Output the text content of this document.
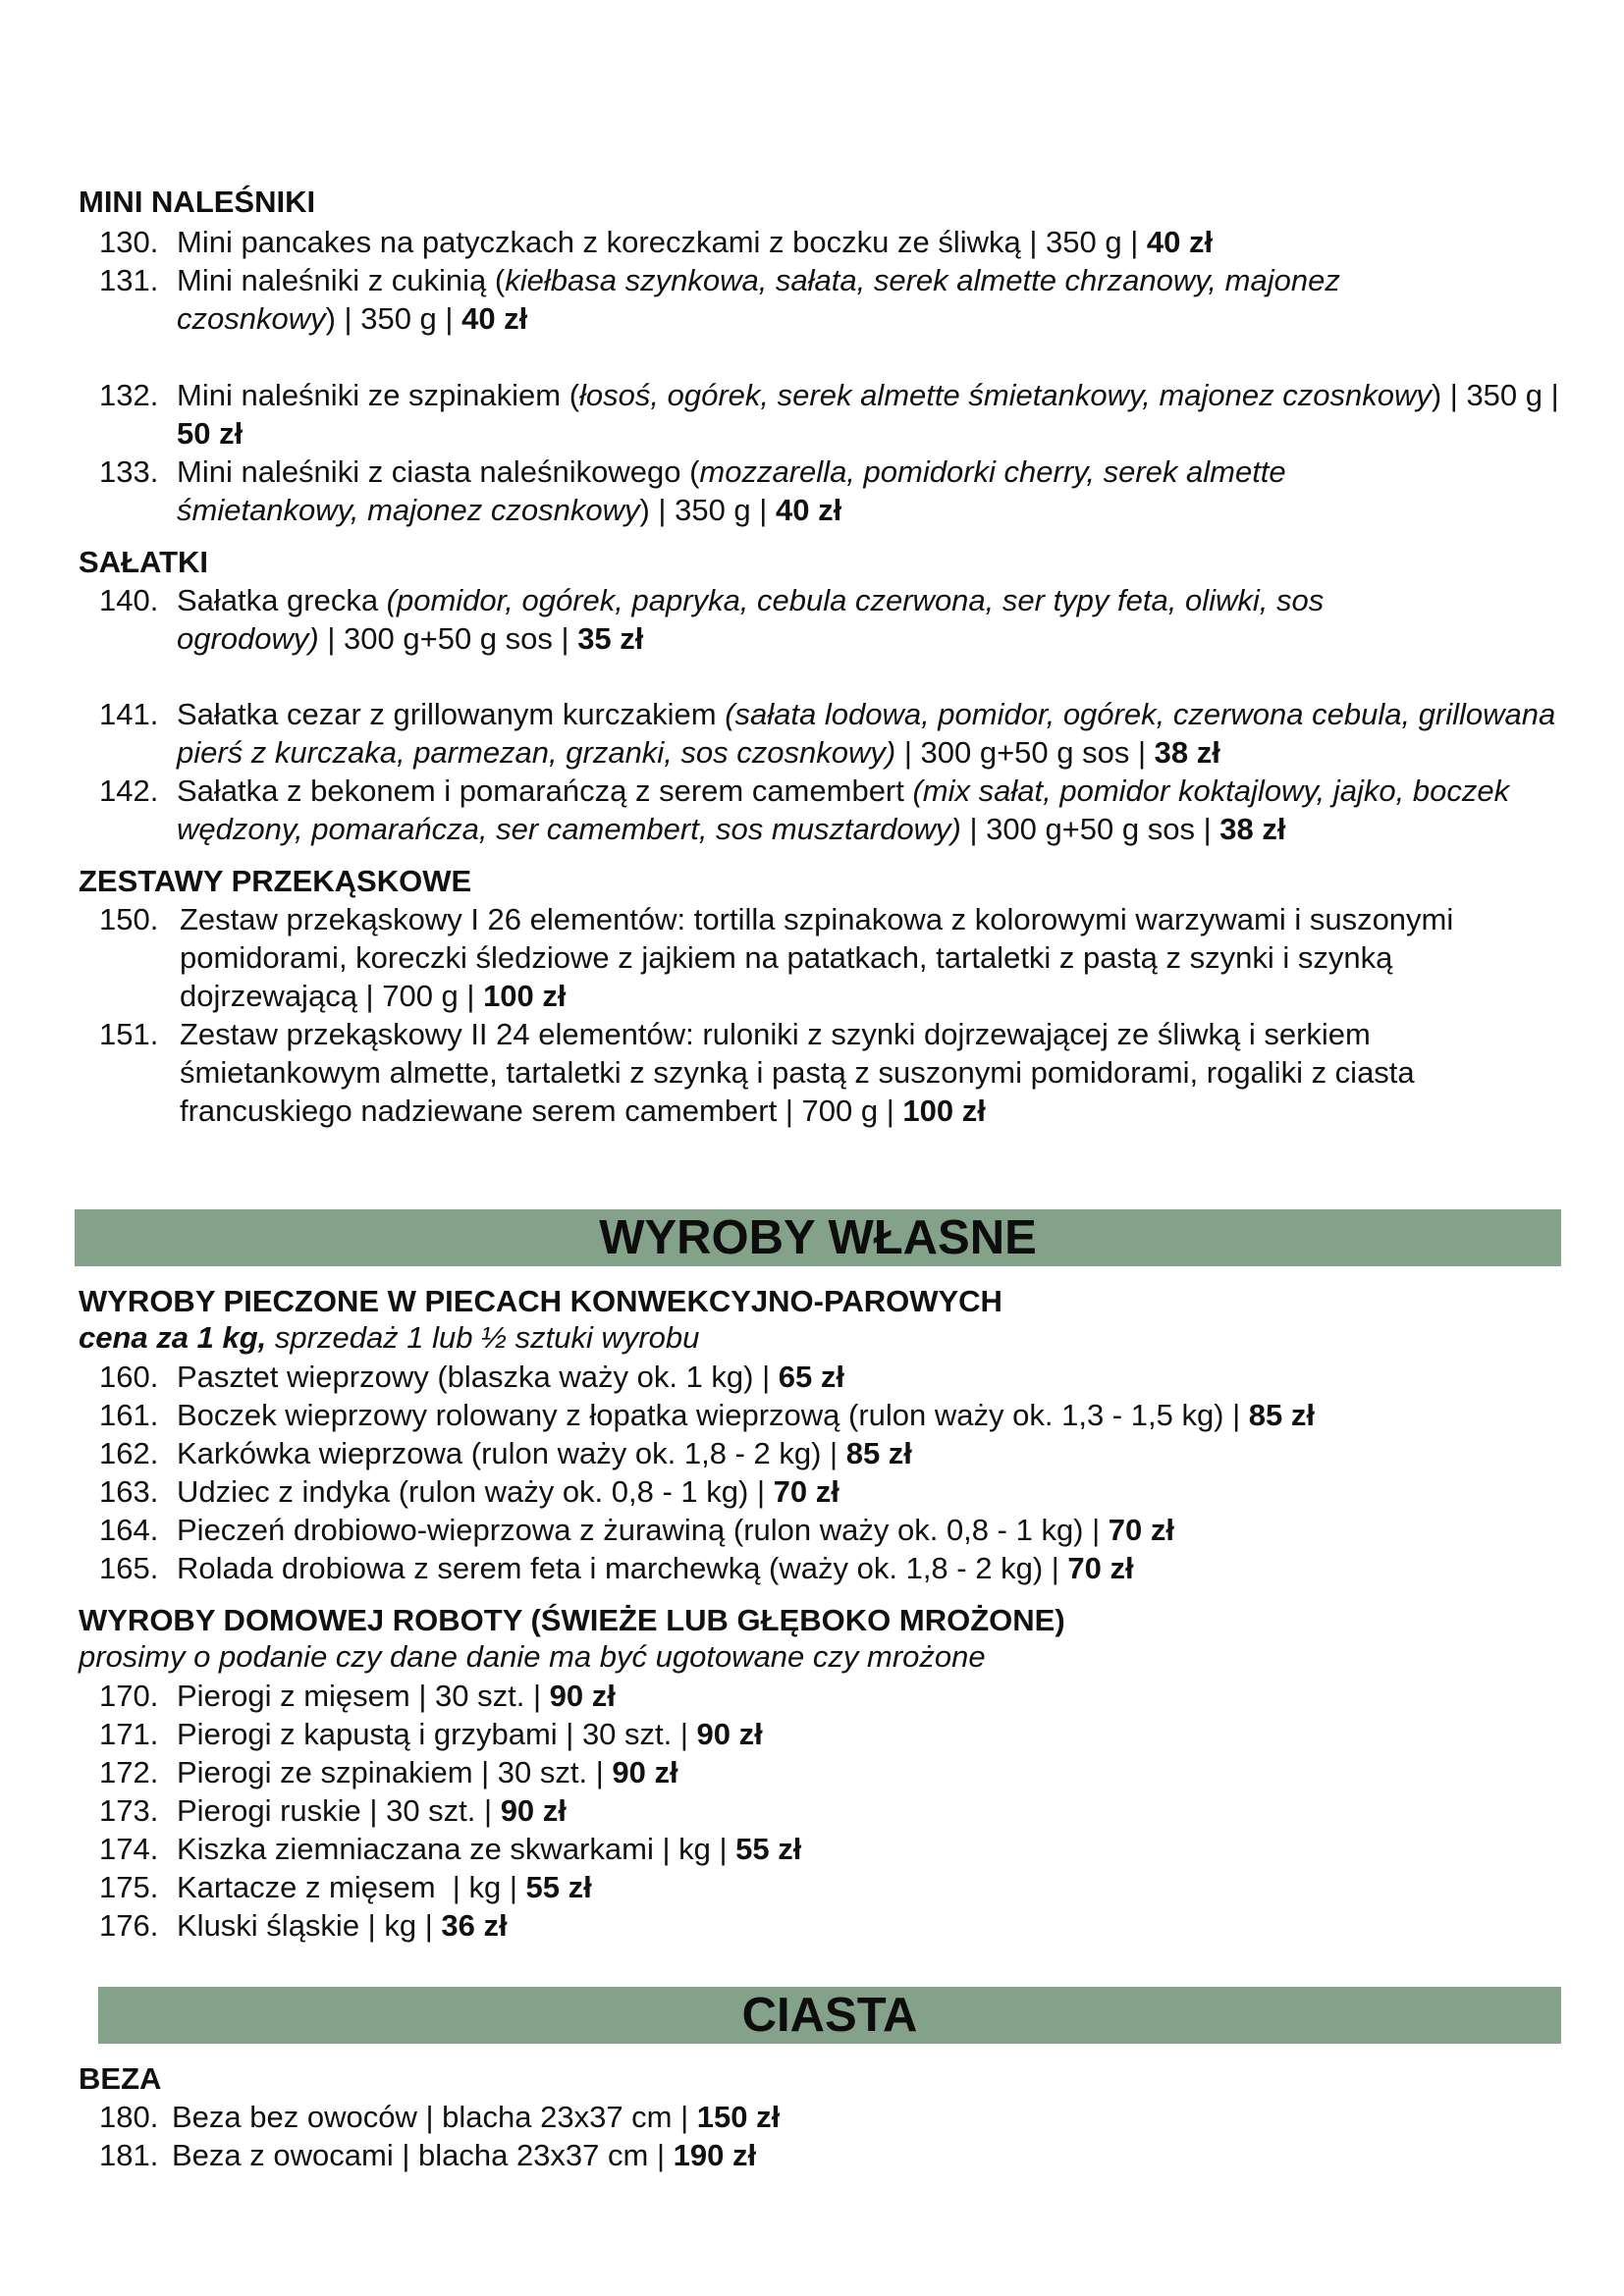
MINI NALEŚNIKI
130. Mini pancakes na patyczkach z koreczkami z boczku ze śliwką | 350 g | 40 zł
131. Mini naleśniki z cukinią (kiełbasa szynkowa, sałata, serek almette chrzanowy, majonez czosnkowy) | 350 g | 40 zł
132. Mini naleśniki ze szpinakiem (łosoś, ogórek, serek almette śmietankowy, majonez czosnkowy) | 350 g | 50 zł
133. Mini naleśniki z ciasta naleśnikowego (mozzarella, pomidorki cherry, serek almette śmietankowy, majonez czosnkowy) | 350 g | 40 zł
SAŁATKI
140. Sałatka grecka (pomidor, ogórek, papryka, cebula czerwona, ser typy feta, oliwki, sos ogrodowy) | 300 g+50 g sos | 35 zł
141. Sałatka cezar z grillowanym kurczakiem (sałata lodowa, pomidor, ogórek, czerwona cebula, grillowana pierś z kurczaka, parmezan, grzanki, sos czosnkowy) | 300 g+50 g sos | 38 zł
142. Sałatka z bekonem i pomarańczą z serem camembert (mix sałat, pomidor koktajlowy, jajko, boczek wędzony, pomarańcza, ser camembert, sos musztardowy) | 300 g+50 g sos | 38 zł
ZESTAWY PRZEKĄSKOWE
150. Zestaw przekąskowy I 26 elementów: tortilla szpinakowa z kolorowymi warzywami i suszonymi pomidorami, koreczki śledziowe z jajkiem na patatkach, tartaletki z pastą z szynki i szynką dojrzewającą | 700 g | 100 zł
151. Zestaw przekąskowy II 24 elementów: ruloniki z szynki dojrzewającej ze śliwką i serkiem śmietankowym almette, tartaletki z szynką i pastą z suszonymi pomidorami, rogaliki z ciasta francuskiego nadziewane serem camembert | 700 g | 100 zł
WYROBY WŁASNE
WYROBY PIECZONE W PIECACH KONWEKCYJNO-PAROWYCH
cena za 1 kg, sprzedaż 1 lub ½ sztuki wyrobu
160. Pasztet wieprzowy (blaszka waży ok. 1 kg) | 65 zł
161. Boczek wieprzowy rolowany z łopatka wieprzową (rulon waży ok. 1,3 - 1,5 kg) | 85 zł
162. Karkówka wieprzowa (rulon waży ok. 1,8 - 2 kg) | 85 zł
163. Udziec z indyka (rulon waży ok. 0,8 - 1 kg) | 70 zł
164. Pieczeń drobiowo-wieprzowa z żurawiną (rulon waży ok. 0,8 - 1 kg) | 70 zł
165. Rolada drobiowa z serem feta i marchewką (waży ok. 1,8 - 2 kg) | 70 zł
WYROBY DOMOWEJ ROBOTY (ŚWIEŻE LUB GŁĘBOKO MROŻONE)
prosimy o podanie czy dane danie ma być ugotowane czy mrożone
170. Pierogi z mięsem | 30 szt. | 90 zł
171. Pierogi z kapustą i grzybami | 30 szt. | 90 zł
172. Pierogi ze szpinakiem | 30 szt. | 90 zł
173. Pierogi ruskie | 30 szt. | 90 zł
174. Kiszka ziemniaczana ze skwarkami | kg | 55 zł
175. Kartacze z mięsem  | kg | 55 zł
176. Kluski śląskie | kg | 36 zł
CIASTA
BEZA
180. Beza bez owoców | blacha 23x37 cm | 150 zł
181. Beza z owocami | blacha 23x37 cm | 190 zł
